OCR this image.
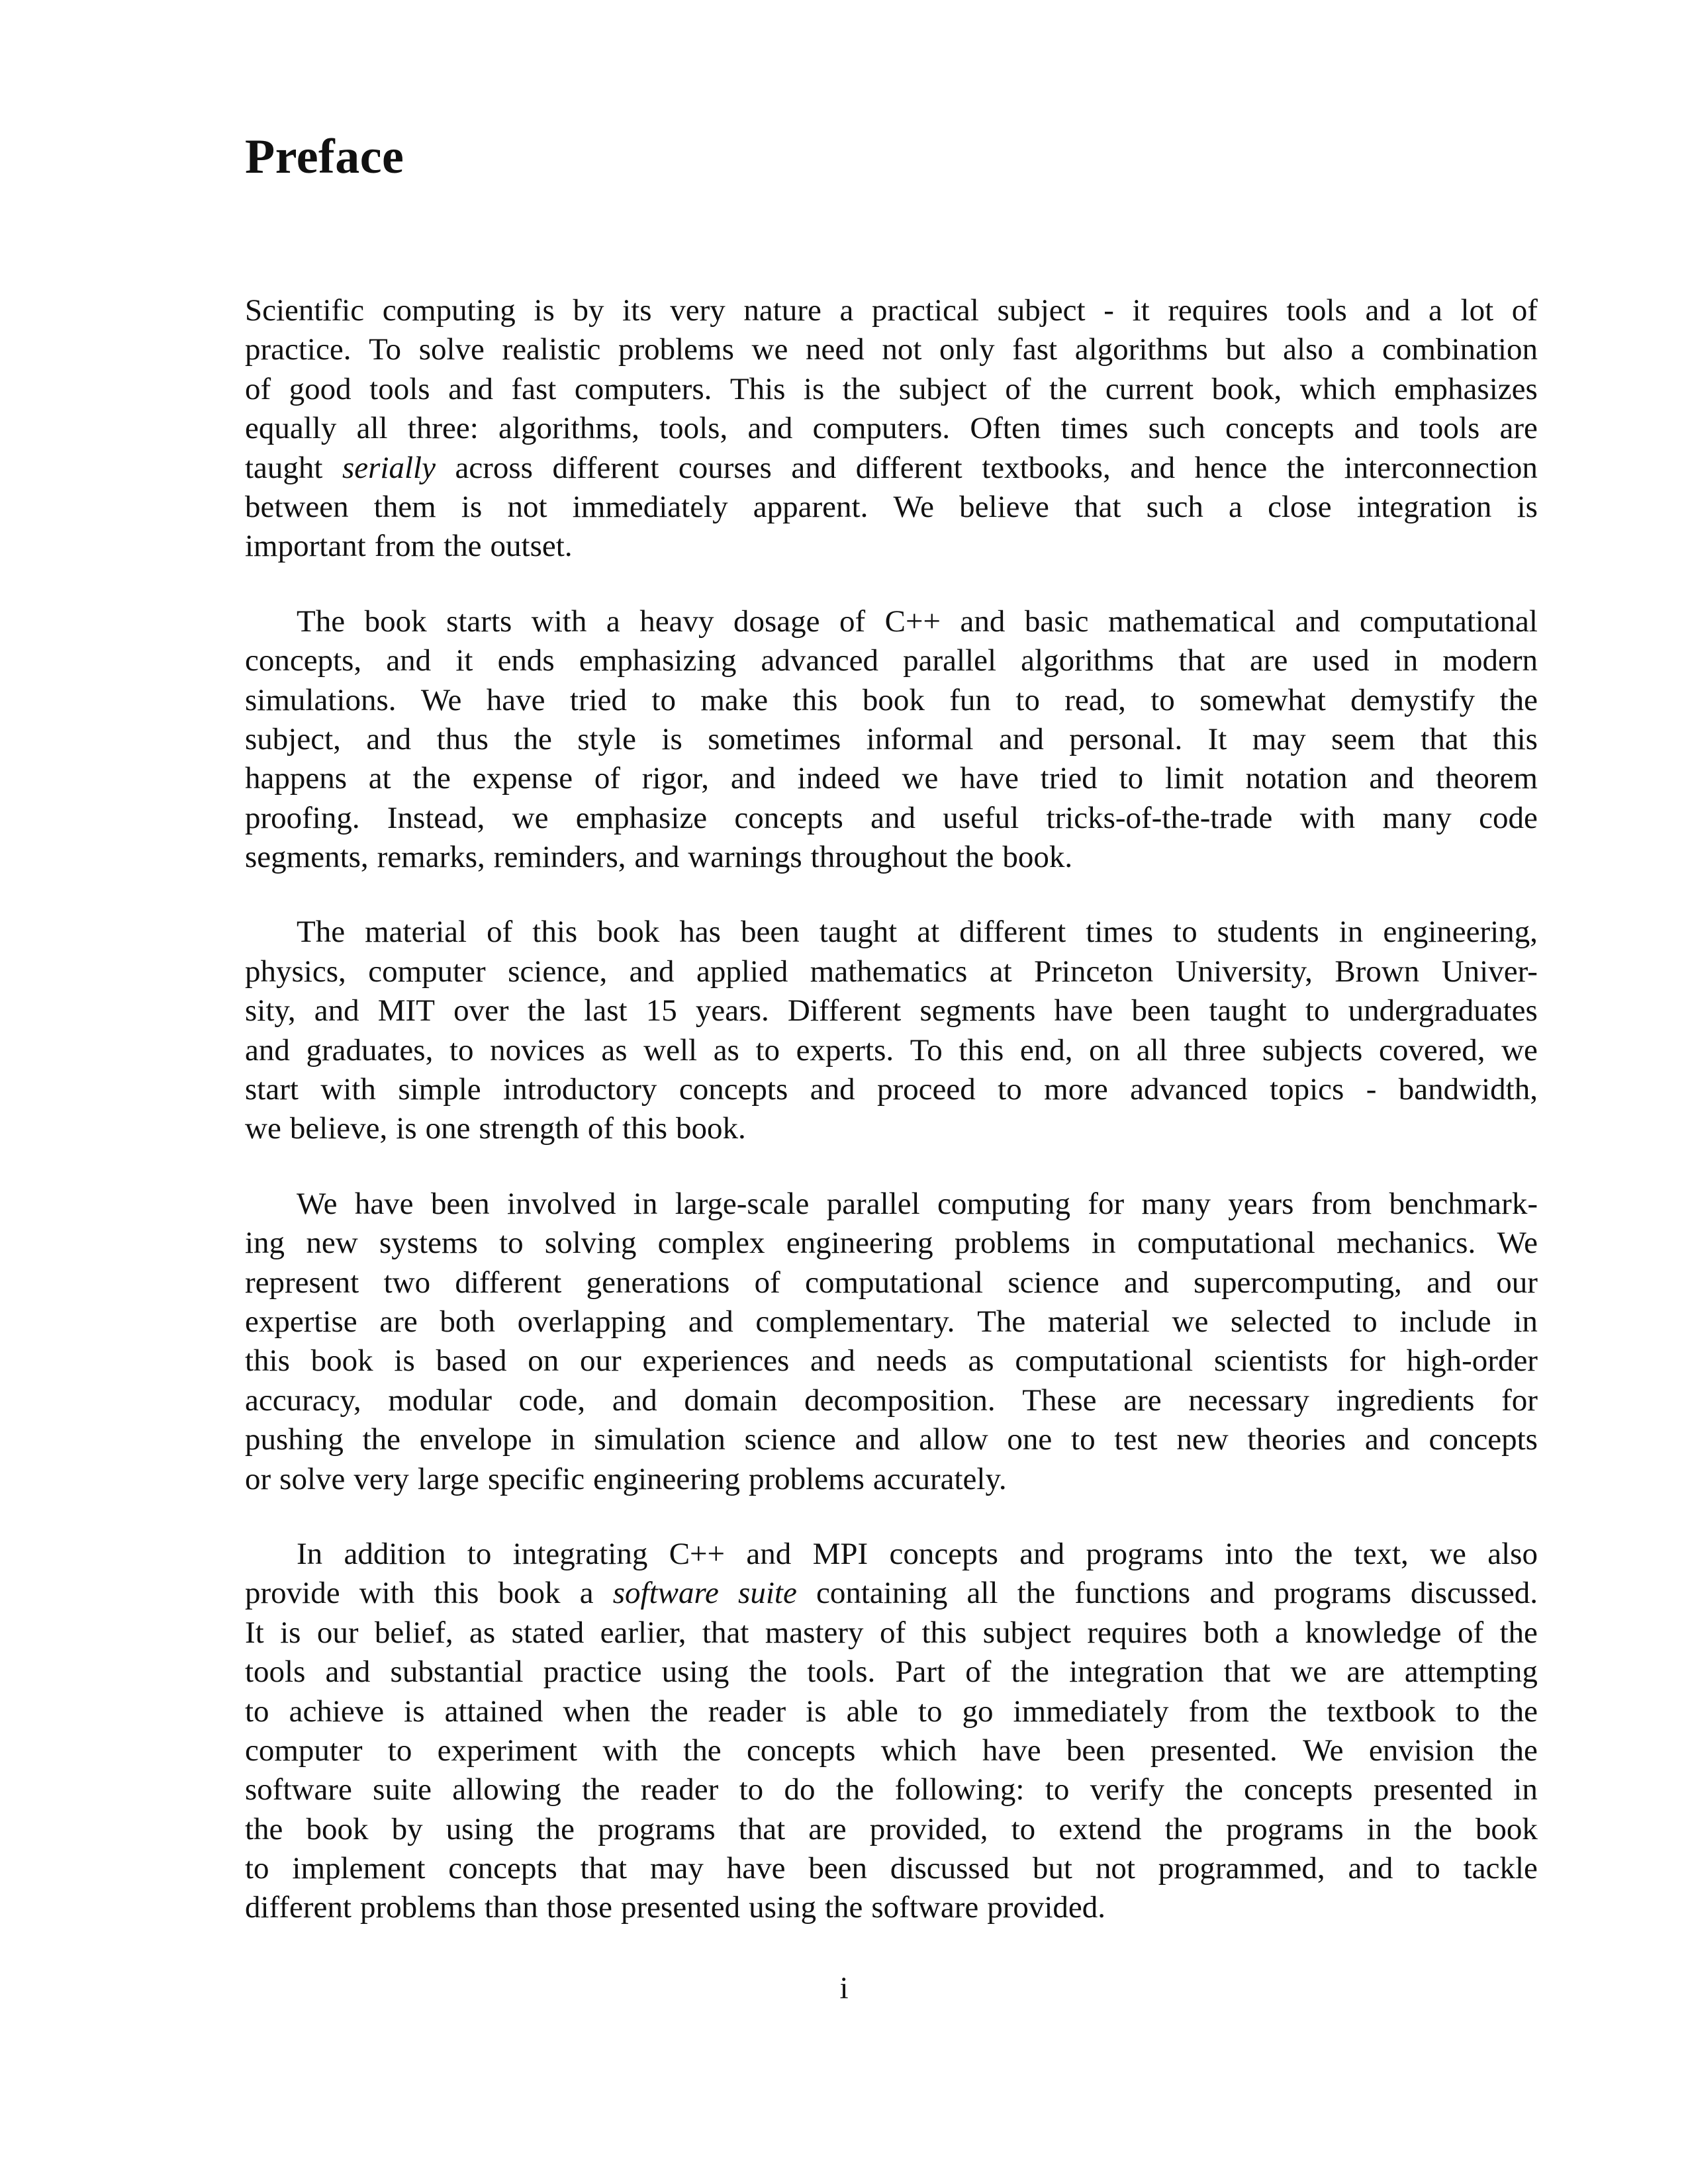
Preface
Scientific computing is by its very nature a practical subject - it requires tools and a lot of
practice. To solve realistic problems we need not only fast algorithms but also a combination
of good tools and fast computers. This is the subject of the current book, which emphasizes
equally all three: algorithms, tools, and computers. Often times such concepts and tools are
taught serially across different courses and different textbooks, and hence the interconnection
between them is not immediately apparent. We believe that such a close integration is
important from the outset.
The book starts with a heavy dosage of C++ and basic mathematical and computational
concepts, and it ends emphasizing advanced parallel algorithms that are used in modern
simulations. We have tried to make this book fun to read, to somewhat demystify the
subject, and thus the style is sometimes informal and personal. It may seem that this
happens at the expense of rigor, and indeed we have tried to limit notation and theorem
proofing. Instead, we emphasize concepts and useful tricks-of-the-trade with many code
segments, remarks, reminders, and warnings throughout the book.
The material of this book has been taught at different times to students in engineering,
physics, computer science, and applied mathematics at Princeton University, Brown Univer-
sity, and MIT over the last 15 years. Different segments have been taught to undergraduates
and graduates, to novices as well as to experts. To this end, on all three subjects covered, we
start with simple introductory concepts and proceed to more advanced topics - bandwidth,
we believe, is one strength of this book.
We have been involved in large-scale parallel computing for many years from benchmark-
ing new systems to solving complex engineering problems in computational mechanics. We
represent two different generations of computational science and supercomputing, and our
expertise are both overlapping and complementary. The material we selected to include in
this book is based on our experiences and needs as computational scientists for high-order
accuracy, modular code, and domain decomposition. These are necessary ingredients for
pushing the envelope in simulation science and allow one to test new theories and concepts
or solve very large specific engineering problems accurately.
In addition to integrating C++ and MPI concepts and programs into the text, we also
provide with this book a software suite containing all the functions and programs discussed.
It is our belief, as stated earlier, that mastery of this subject requires both a knowledge of the
tools and substantial practice using the tools. Part of the integration that we are attempting
to achieve is attained when the reader is able to go immediately from the textbook to the
computer to experiment with the concepts which have been presented. We envision the
software suite allowing the reader to do the following: to verify the concepts presented in
the book by using the programs that are provided, to extend the programs in the book
to implement concepts that may have been discussed but not programmed, and to tackle
different problems than those presented using the software provided.
i
